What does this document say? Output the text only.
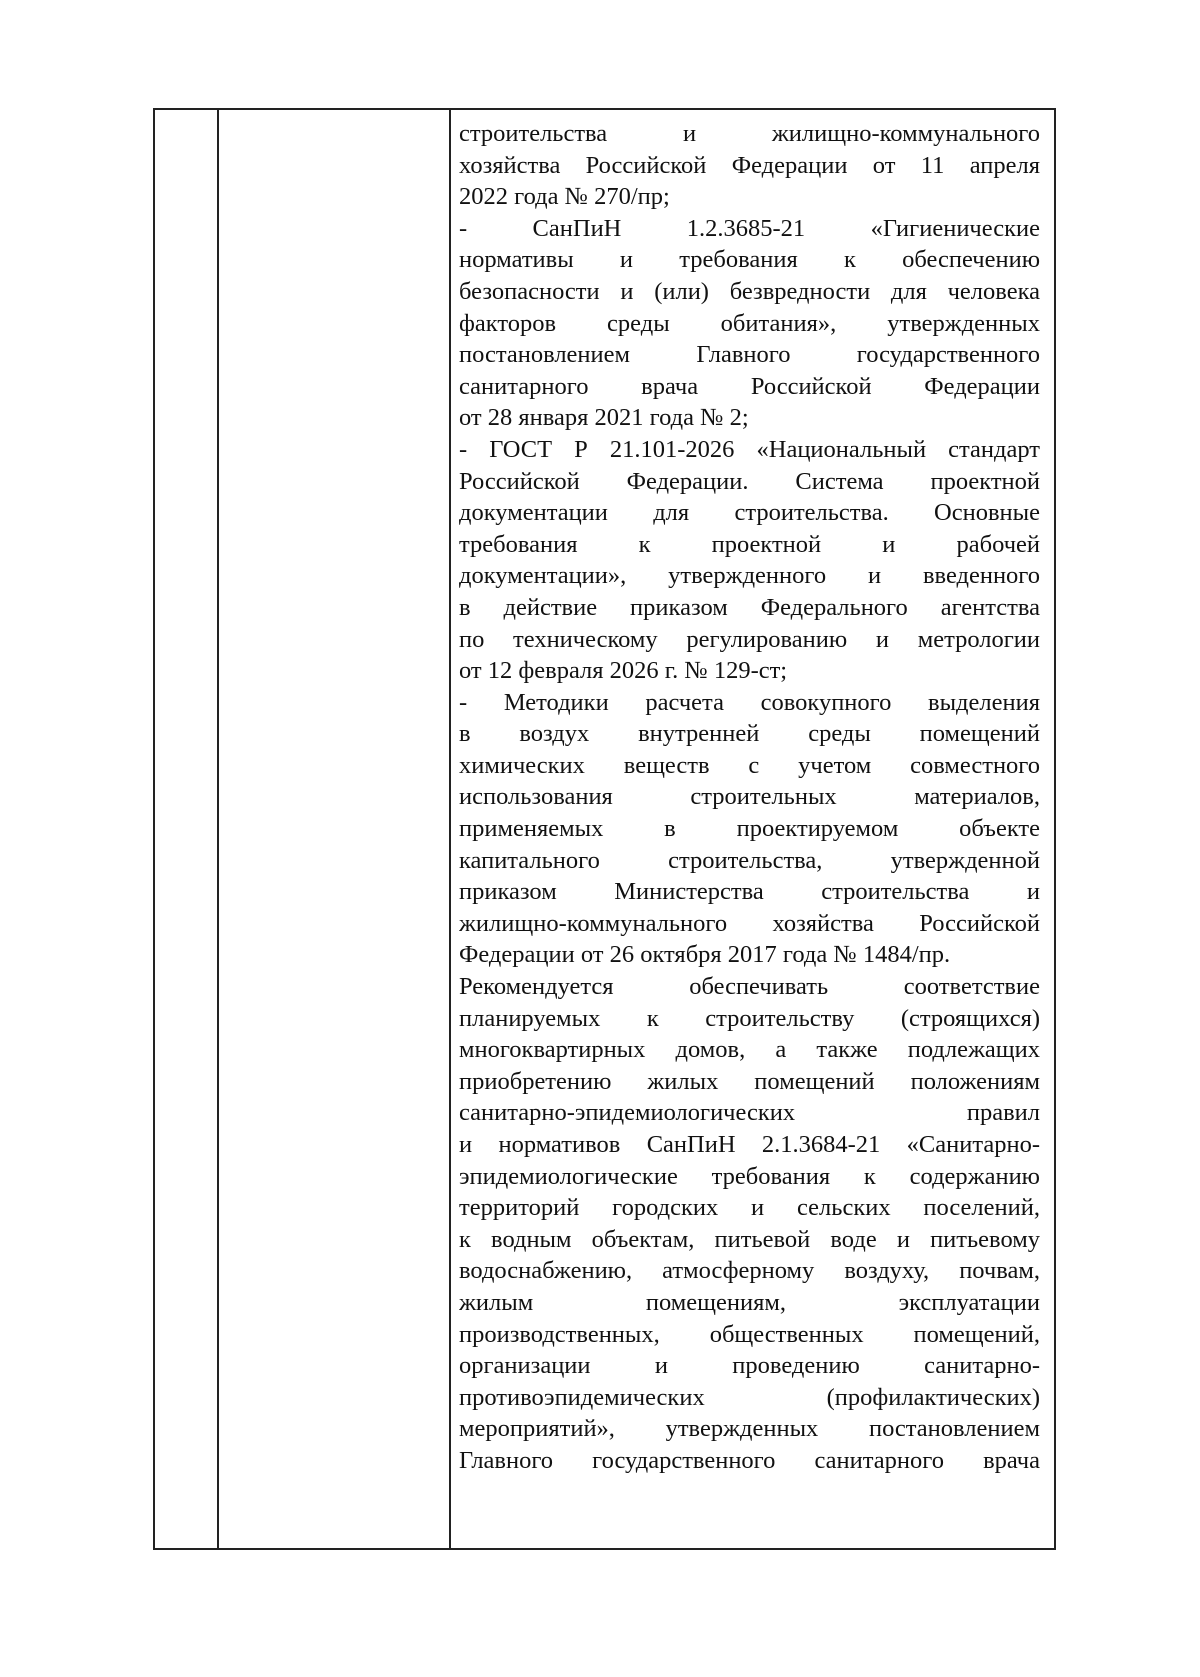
строительства и жилищно-коммунального
хозяйства Российской Федерации от 11 апреля
2022 года № 270/пр;
- СанПиН 1.2.3685-21 «Гигиенические
нормативы и требования к обеспечению
безопасности и (или) безвредности для человека
факторов среды обитания», утвержденных
постановлением Главного государственного
санитарного врача Российской Федерации
от 28 января 2021 года № 2;
- ГОСТ Р 21.101-2026 «Национальный стандарт
Российской Федерации. Система проектной
документации для строительства. Основные
требования к проектной и рабочей
документации», утвержденного и введенного
в действие приказом Федерального агентства
по техническому регулированию и метрологии
от 12 февраля 2026 г. № 129-ст;
- Методики расчета совокупного выделения
в воздух внутренней среды помещений
химических веществ с учетом совместного
использования строительных материалов,
применяемых в проектируемом объекте
капитального строительства, утвержденной
приказом Министерства строительства и
жилищно-коммунального хозяйства Российской
Федерации от 26 октября 2017 года № 1484/пр.
Рекомендуется обеспечивать соответствие
планируемых к строительству (строящихся)
многоквартирных домов, а также подлежащих
приобретению жилых помещений положениям
санитарно-эпидемиологических правил
и нормативов СанПиН 2.1.3684-21 «Санитарно-
эпидемиологические требования к содержанию
территорий городских и сельских поселений,
к водным объектам, питьевой воде и питьевому
водоснабжению, атмосферному воздуху, почвам,
жилым помещениям, эксплуатации
производственных, общественных помещений,
организации и проведению санитарно-
противоэпидемических (профилактических)
мероприятий», утвержденных постановлением
Главного государственного санитарного врача
